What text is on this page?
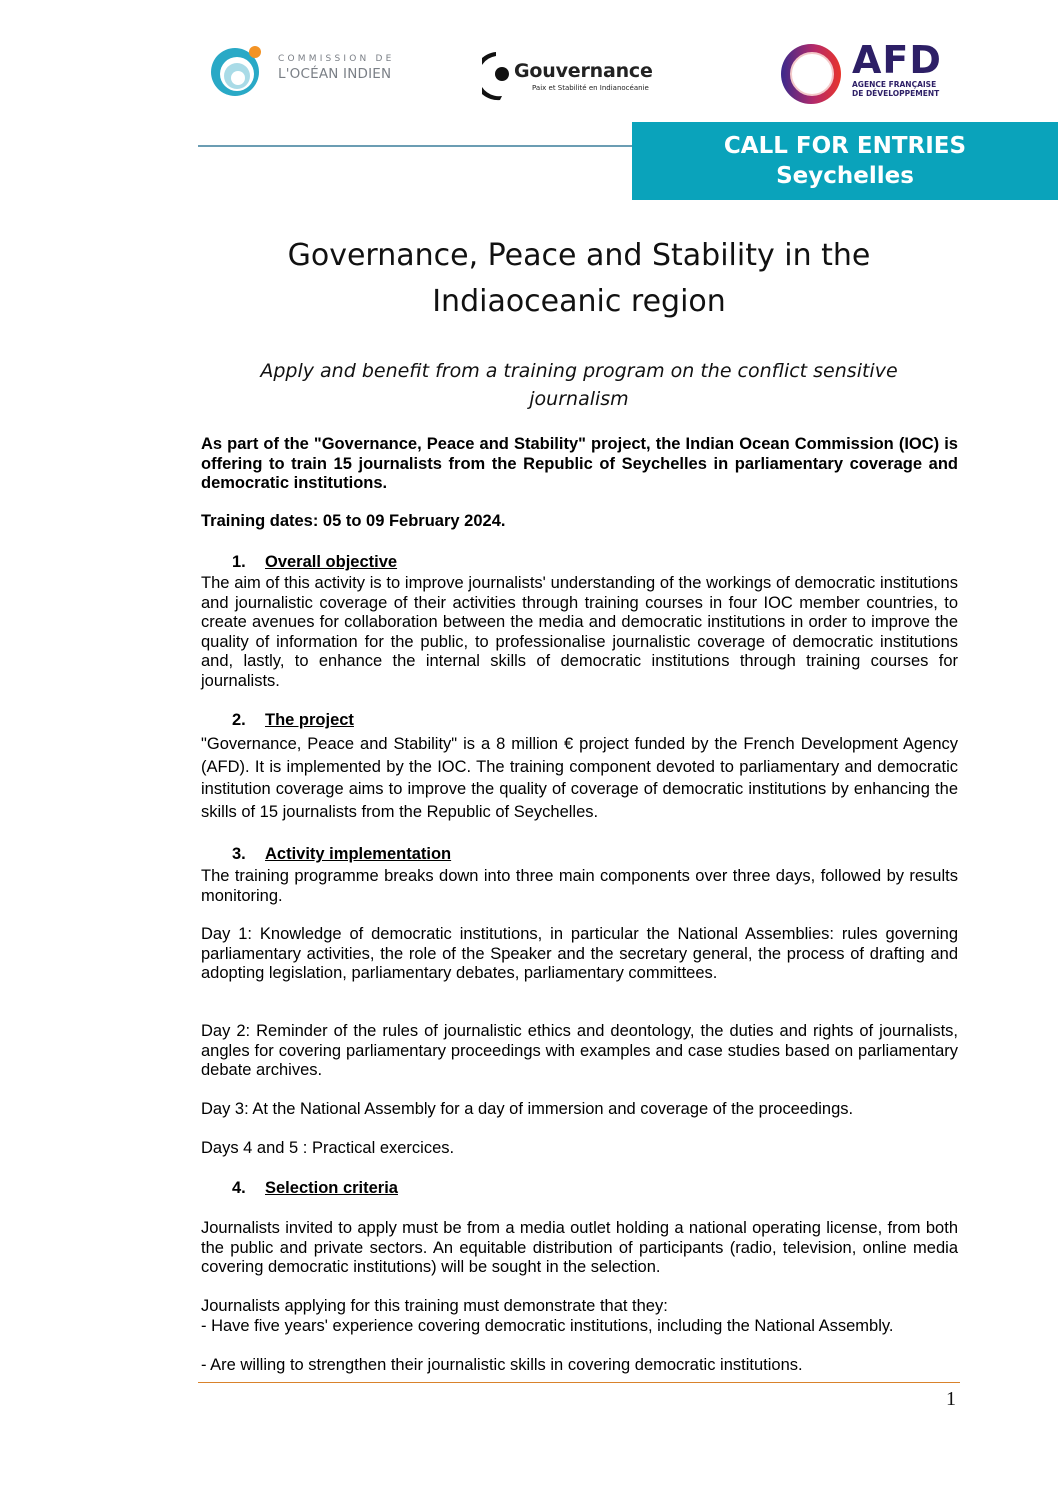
COMMISSION DE
L'OCÉAN INDIEN	Gouvernance
Paix et Stabilité en Indianocéanie
AFD
AGENCE FRANÇAISE
DE DÉVELOPPEMENT
CALL FOR ENTRIES
Seychelles
Governance, Peace and Stability in the
Indiaoceanic region
Apply and benefit from a training program on the conflict sensitive
journalism
As part of the "Governance, Peace and Stability" project, the Indian Ocean Commission (IOC) is offering to train 15 journalists from the Republic of Seychelles in parliamentary coverage and democratic institutions.
Training dates: 05 to 09 February 2024.
1. Overall objective
The aim of this activity is to improve journalists' understanding of the workings of democratic institutions and journalistic coverage of their activities through training courses in four IOC member countries, to create avenues for collaboration between the media and democratic institutions in order to improve the quality of information for the public, to professionalise journalistic coverage of democratic institutions and, lastly, to enhance the internal skills of democratic institutions through training courses for journalists.
2. The project
"Governance, Peace and Stability" is a 8 million € project funded by the French Development Agency (AFD). It is implemented by the IOC. The training component devoted to parliamentary and democratic institution coverage aims to improve the quality of coverage of democratic institutions by enhancing the skills of 15 journalists from the Republic of Seychelles.
3. Activity implementation
The training programme breaks down into three main components over three days, followed by results monitoring.
Day 1: Knowledge of democratic institutions, in particular the National Assemblies: rules governing parliamentary activities, the role of the Speaker and the secretary general, the process of drafting and adopting legislation, parliamentary debates, parliamentary committees.
Day 2: Reminder of the rules of journalistic ethics and deontology, the duties and rights of journalists, angles for covering parliamentary proceedings with examples and case studies based on parliamentary debate archives.
Day 3: At the National Assembly for a day of immersion and coverage of the proceedings.
Days 4 and 5 : Practical exercices.
4. Selection criteria
Journalists invited to apply must be from a media outlet holding a national operating license, from both the public and private sectors. An equitable distribution of participants (radio, television, online media covering democratic institutions) will be sought in the selection.
Journalists applying for this training must demonstrate that they:
- Have five years' experience covering democratic institutions, including the National Assembly.
- Are willing to strengthen their journalistic skills in covering democratic institutions.
1
